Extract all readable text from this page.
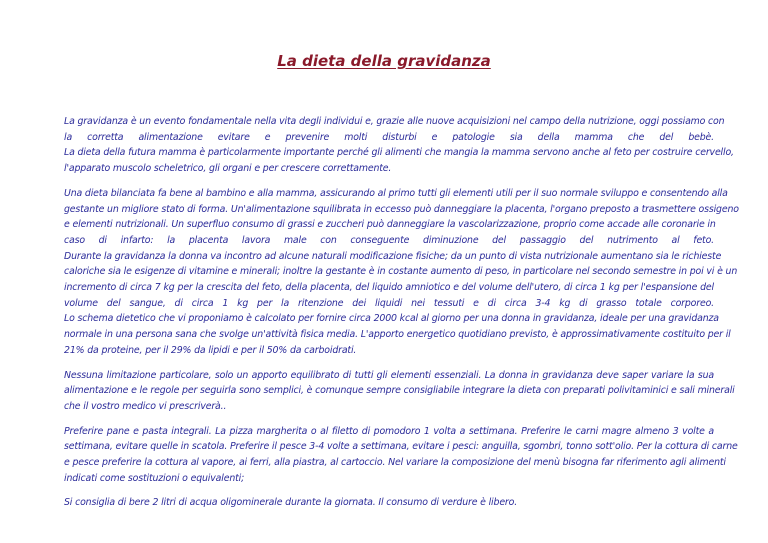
La dieta della gravidanza

La gravidanza è un evento fondamentale nella vita degli individui e, grazie alle nuove acquisizioni nel campo della nutrizione, oggi possiamo con
la corretta alimentazione evitare e prevenire molti disturbi e patologie sia della mamma che del bebè.
La dieta della futura mamma è particolarmente importante perché gli alimenti che mangia la mamma servono anche al feto per costruire cervello,
l'apparato muscolo scheletrico, gli organi e per crescere correttamente.

Una dieta bilanciata fa bene al bambino e alla mamma, assicurando al primo tutti gli elementi utili per il suo normale sviluppo e consentendo alla
gestante un migliore stato di forma. Un'alimentazione squilibrata in eccesso può danneggiare la placenta, l'organo preposto a trasmettere ossigeno
e elementi nutrizionali. Un superfluo consumo di grassi e zuccheri può danneggiare la vascolarizzazione, proprio come accade alle coronarie in
caso di infarto: la placenta lavora male con conseguente diminuzione del passaggio del nutrimento al feto.
Durante la gravidanza la donna va incontro ad alcune naturali modificazione fisiche; da un punto di vista nutrizionale aumentano sia le richieste
caloriche sia le esigenze di vitamine e minerali; inoltre la gestante è in costante aumento di peso, in particolare nel secondo semestre in poi vi è un
incremento di circa 7 kg per la crescita del feto, della placenta, del liquido amniotico e del volume dell'utero, di circa 1 kg per l'espansione del
volume del sangue, di circa 1 kg per la ritenzione dei liquidi nei tessuti e di circa 3-4 kg di grasso totale corporeo.
Lo schema dietetico che vi proponiamo è calcolato per fornire circa 2000 kcal al giorno per una donna in gravidanza, ideale per una gravidanza
normale in una persona sana che svolge un'attività fisica media. L'apporto energetico quotidiano previsto, è approssimativamente costituito per il
21% da proteine, per il 29% da lipidi e per il 50% da carboidrati.

Nessuna limitazione particolare, solo un apporto equilibrato di tutti gli elementi essenziali. La donna in gravidanza deve saper variare la sua
alimentazione e le regole per seguirla sono semplici, è comunque sempre consigliabile integrare la dieta con preparati polivitaminici e sali minerali
che il vostro medico vi prescriverà..

Preferire pane e pasta integrali. La pizza margherita o al filetto di pomodoro 1 volta a settimana. Preferire le carni magre almeno 3 volte a
settimana, evitare quelle in scatola. Preferire il pesce 3-4 volte a settimana, evitare i pesci: anguilla, sgombri, tonno sott'olio. Per la cottura di carne
e pesce preferire la cottura al vapore, ai ferri, alla piastra, al cartoccio. Nel variare la composizione del menù bisogna far riferimento agli alimenti
indicati come sostituzioni o equivalenti;

Si consiglia di bere 2 litri di acqua oligominerale durante la giornata. Il consumo di verdure è libero.
